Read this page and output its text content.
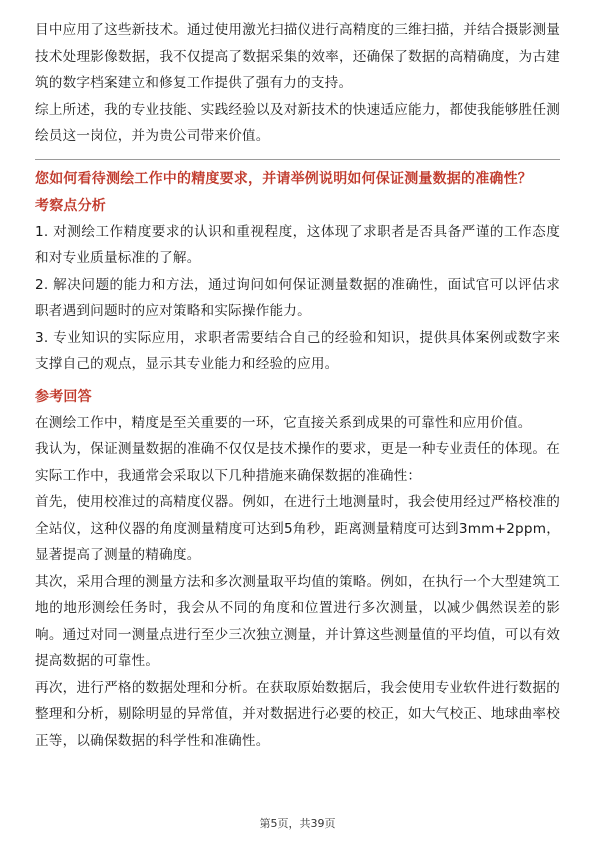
目中应用了这些新技术。通过使用激光扫描仪进行高精度的三维扫描，并结合摄影测量技术处理影像数据，我不仅提高了数据采集的效率，还确保了数据的高精确度，为古建筑的数字档案建立和修复工作提供了强有力的支持。

综上所述，我的专业技能、实践经验以及对新技术的快速适应能力，都使我能够胜任测绘员这一岗位，并为贵公司带来价值。

您如何看待测绘工作中的精度要求，并请举例说明如何保证测量数据的准确性？

考察点分析

1. 对测绘工作精度要求的认识和重视程度，这体现了求职者是否具备严谨的工作态度和对专业质量标准的了解。

2. 解决问题的能力和方法，通过询问如何保证测量数据的准确性，面试官可以评估求职者遇到问题时的应对策略和实际操作能力。

3. 专业知识的实际应用，求职者需要结合自己的经验和知识，提供具体案例或数字来支撑自己的观点，显示其专业能力和经验的应用。

参考回答

在测绘工作中，精度是至关重要的一环，它直接关系到成果的可靠性和应用价值。

我认为，保证测量数据的准确不仅仅是技术操作的要求，更是一种专业责任的体现。在实际工作中，我通常会采取以下几种措施来确保数据的准确性：

首先，使用校准过的高精度仪器。例如，在进行土地测量时，我会使用经过严格校准的全站仪，这种仪器的角度测量精度可达到5角秒，距离测量精度可达到3mm+2ppm，显著提高了测量的精确度。

其次，采用合理的测量方法和多次测量取平均值的策略。例如，在执行一个大型建筑工地的地形测绘任务时，我会从不同的角度和位置进行多次测量，以减少偶然误差的影响。通过对同一测量点进行至少三次独立测量，并计算这些测量值的平均值，可以有效提高数据的可靠性。

再次，进行严格的数据处理和分析。在获取原始数据后，我会使用专业软件进行数据的整理和分析，剔除明显的异常值，并对数据进行必要的校正，如大气校正、地球曲率校正等，以确保数据的科学性和准确性。

第5页，共39页
